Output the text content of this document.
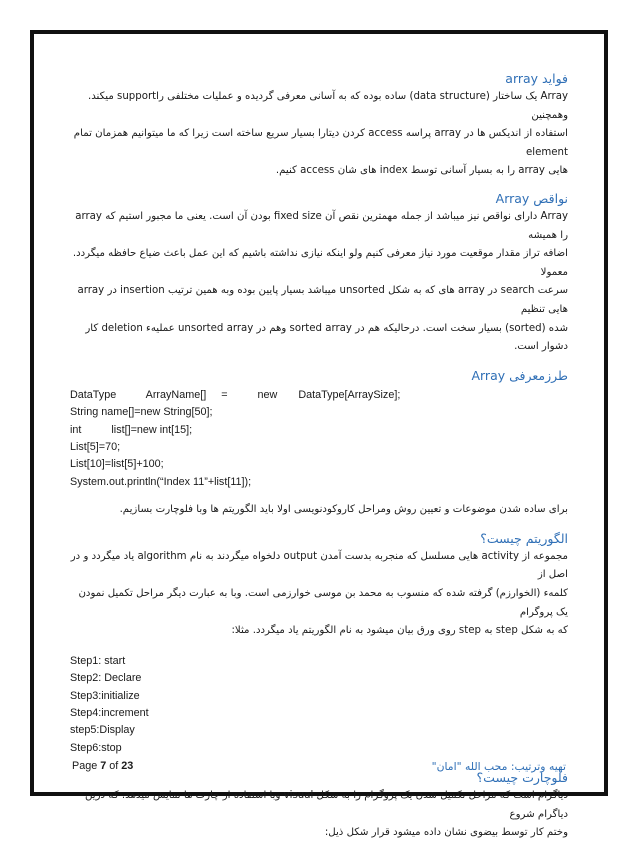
فواید array

Array یک ساختار (data structure) ساده بوده که به آسانی معرفی گردیده و عملیات مختلفی راsupport میکند. وهمچنین

استفاده از اندیکس ها در array پراسه access کردن دیتارا بسیار سریع ساخته است زیرا که ما میتوانیم همزمان تمام element

هایی array را به بسیار آسانی توسط index های شان access کنیم.

نواقص Array

Array دارای نواقص نیز میباشد از جمله مهمترین نقص آن fixed size بودن آن است. یعنی ما مجبور استیم که array را همیشه

اضافه تراز مقدار موقعیت مورد نیاز معرفی کنیم ولو اینکه نیازی نداشته باشیم که این عمل باعث ضیاع حافظه میگردد. معمولا

سرعت search در array های که به شکل unsorted میباشد بسیار پایین بوده وبه همین ترتیب insertion در array هایی تنظیم

شده (sorted) بسیار سخت است. درحالیکه هم در sorted array وهم در unsorted array عملیهء deletion کار دشوار است.

طرزمعرفی Array

DataType          ArrayName[]     =          new       DataType[ArraySize];

String name[]=new String[50];

int          list[]=new int[15];

List[5]=70;

List[10]=list[5]+100;

System.out.println(“Index 11”+list[11]);

برای ساده شدن موضوعات و تعیین روش ومراحل کاروکودنویسی اولا باید الگوریتم ها وبا فلوچارت بسازیم.

الگوریتم چیست؟

مجموعه از activity هایی مسلسل که منجربه بدست آمدن output دلخواه میگردند به نام algorithm یاد میگردد و در اصل از

کلمهء (الخوارزم) گرفته شده که منسوب به محمد بن موسی خوارزمی است. وبا به عبارت دیگر مراحل تکمیل نمودن یک پروگرام

که به شکل step به step روی ورق بیان میشود به نام الگوریتم یاد میگردد. مثلا:

Step1: start

Step2: Declare

Step3:initialize

Step4:increment

step5:Display

Step6:stop

فلوچارت چیست؟

دیاگرام است که مراحل تکمیل شدن یک پروگرام را به شکل visual وبا استفاده از چارت ها نمایش میدهد. که درین دیاگرام شروع

وختم کار توسط بیضوی نشان داده میشود قرار شکل ذیل:

Page 7 of 23	تهیه وترتیب: محب الله "امان"
